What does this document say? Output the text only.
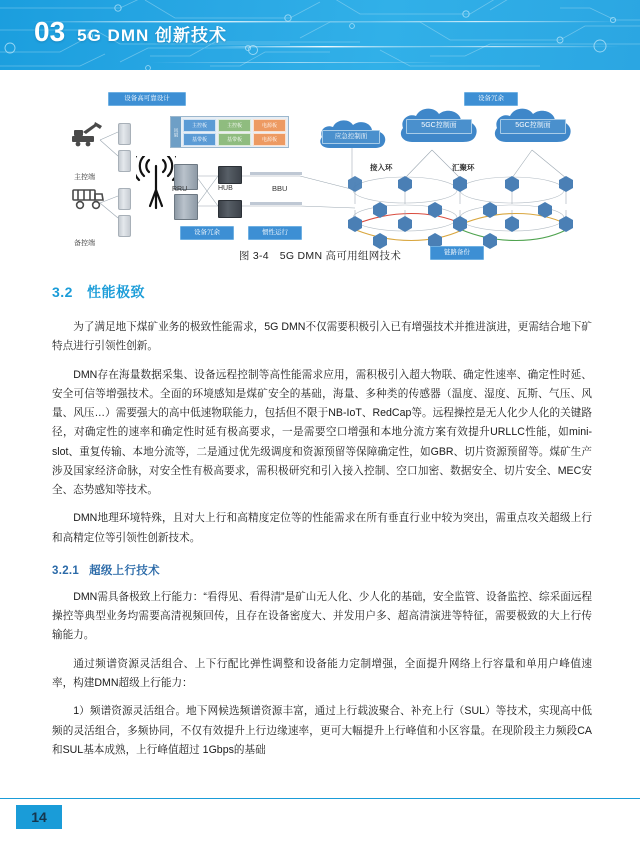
03 5G DMN 创新技术
设备高可靠设计
主控端
备控端
风扇
主控板	主控板	电源板
基带板	基带板	电源板
RRU	HUB	BBU
设备冗余	惯性运行
应急控制面
5GC控制面	5GC控制面
设备冗余
接入环	汇聚环
链路备份
图 3-4　5G DMN 高可用组网技术
3.2 性能极致

为了满足地下煤矿业务的极致性能需求，5G DMN不仅需要积极引入已有增强技术并推进演进，更需结合地下矿特点进行引领性创新。

DMN存在海量数据采集、设备远程控制等高性能需求应用，需积极引入超大物联、确定性速率、确定性时延、安全可信等增强技术。全面的环境感知是煤矿安全的基础，海量、多种类的传感器（温度、湿度、瓦斯、气压、风量、风压…）需要强大的高中低速物联能力，包括但不限于NB-IoT、RedCap等。远程操控是无人化少人化的关键路径，对确定性的速率和确定性时延有极高要求，一是需要空口增强和本地分流方案有效提升URLLC性能，如mini-slot、重复传输、本地分流等，二是通过优先级调度和资源预留等保障确定性，如GBR、切片资源预留等。煤矿生产涉及国家经济命脉，对安全性有极高要求，需积极研究和引入接入控制、空口加密、数据安全、切片安全、MEC安全、态势感知等技术。

DMN地理环境特殊，且对大上行和高精度定位等的性能需求在所有垂直行业中较为突出，需重点攻关超级上行和高精定位等引领性创新技术。

3.2.1 超级上行技术

DMN需具备极致上行能力：“看得见、看得清”是矿山无人化、少人化的基础，安全监管、设备监控、综采面远程操控等典型业务均需要高清视频回传，且存在设备密度大、并发用户多、超高清演进等特征，需要极致的大上行传输能力。

通过频谱资源灵活组合、上下行配比弹性调整和设备能力定制增强，全面提升网络上行容量和单用户峰值速率，构建DMN超级上行能力：

1）频谱资源灵活组合。地下网候选频谱资源丰富，通过上行载波聚合、补充上行（SUL）等技术，实现高中低频的灵活组合，多频协同，不仅有效提升上行边缘速率，更可大幅提升上行峰值和小区容量。在现阶段主力频段CA和SUL基本成熟，上行峰值超过 1Gbps的基础

14
